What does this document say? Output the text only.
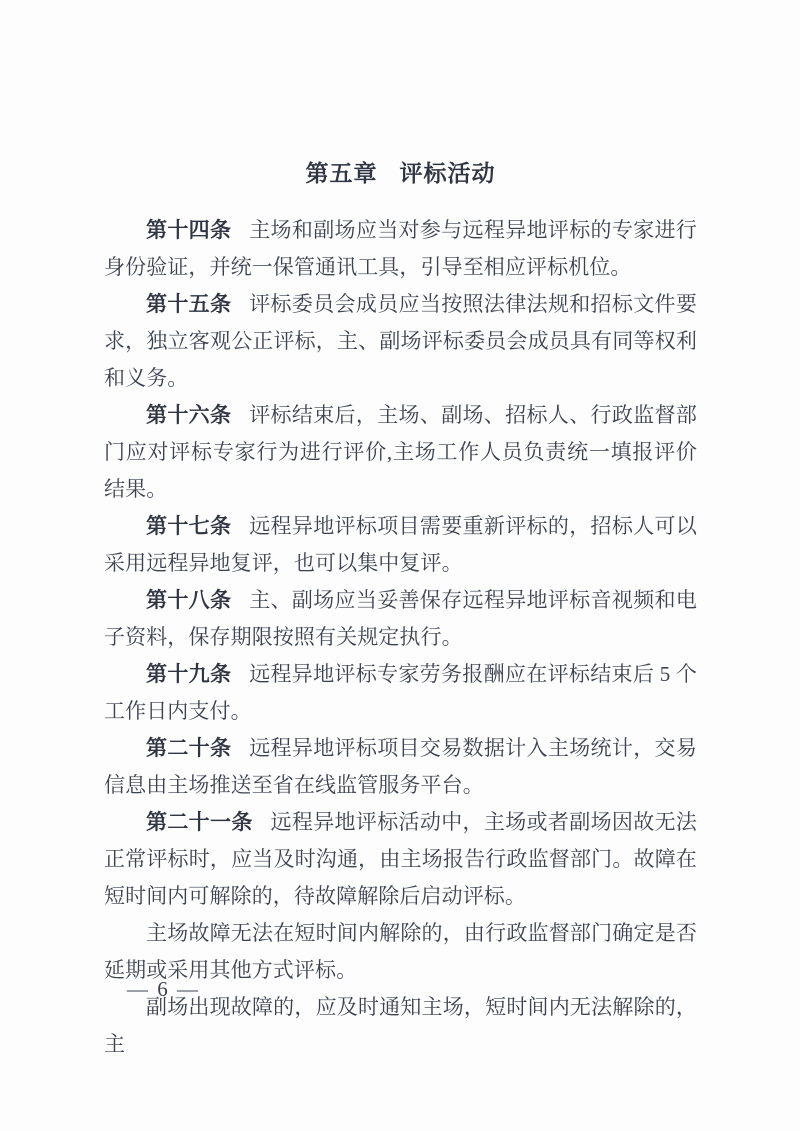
第五章 评标活动

第十四条 主场和副场应当对参与远程异地评标的专家进行身份验证，并统一保管通讯工具，引导至相应评标机位。

第十五条 评标委员会成员应当按照法律法规和招标文件要求，独立客观公正评标，主、副场评标委员会成员具有同等权利和义务。

第十六条 评标结束后，主场、副场、招标人、行政监督部门应对评标专家行为进行评价,主场工作人员负责统一填报评价结果。

第十七条 远程异地评标项目需要重新评标的，招标人可以采用远程异地复评，也可以集中复评。

第十八条 主、副场应当妥善保存远程异地评标音视频和电子资料，保存期限按照有关规定执行。

第十九条 远程异地评标专家劳务报酬应在评标结束后 5 个工作日内支付。

第二十条 远程异地评标项目交易数据计入主场统计，交易信息由主场推送至省在线监管服务平台。

第二十一条 远程异地评标活动中，主场或者副场因故无法正常评标时，应当及时沟通，由主场报告行政监督部门。故障在短时间内可解除的，待故障解除后启动评标。

主场故障无法在短时间内解除的，由行政监督部门确定是否延期或采用其他方式评标。

副场出现故障的，应及时通知主场，短时间内无法解除的，主

— 6 —
